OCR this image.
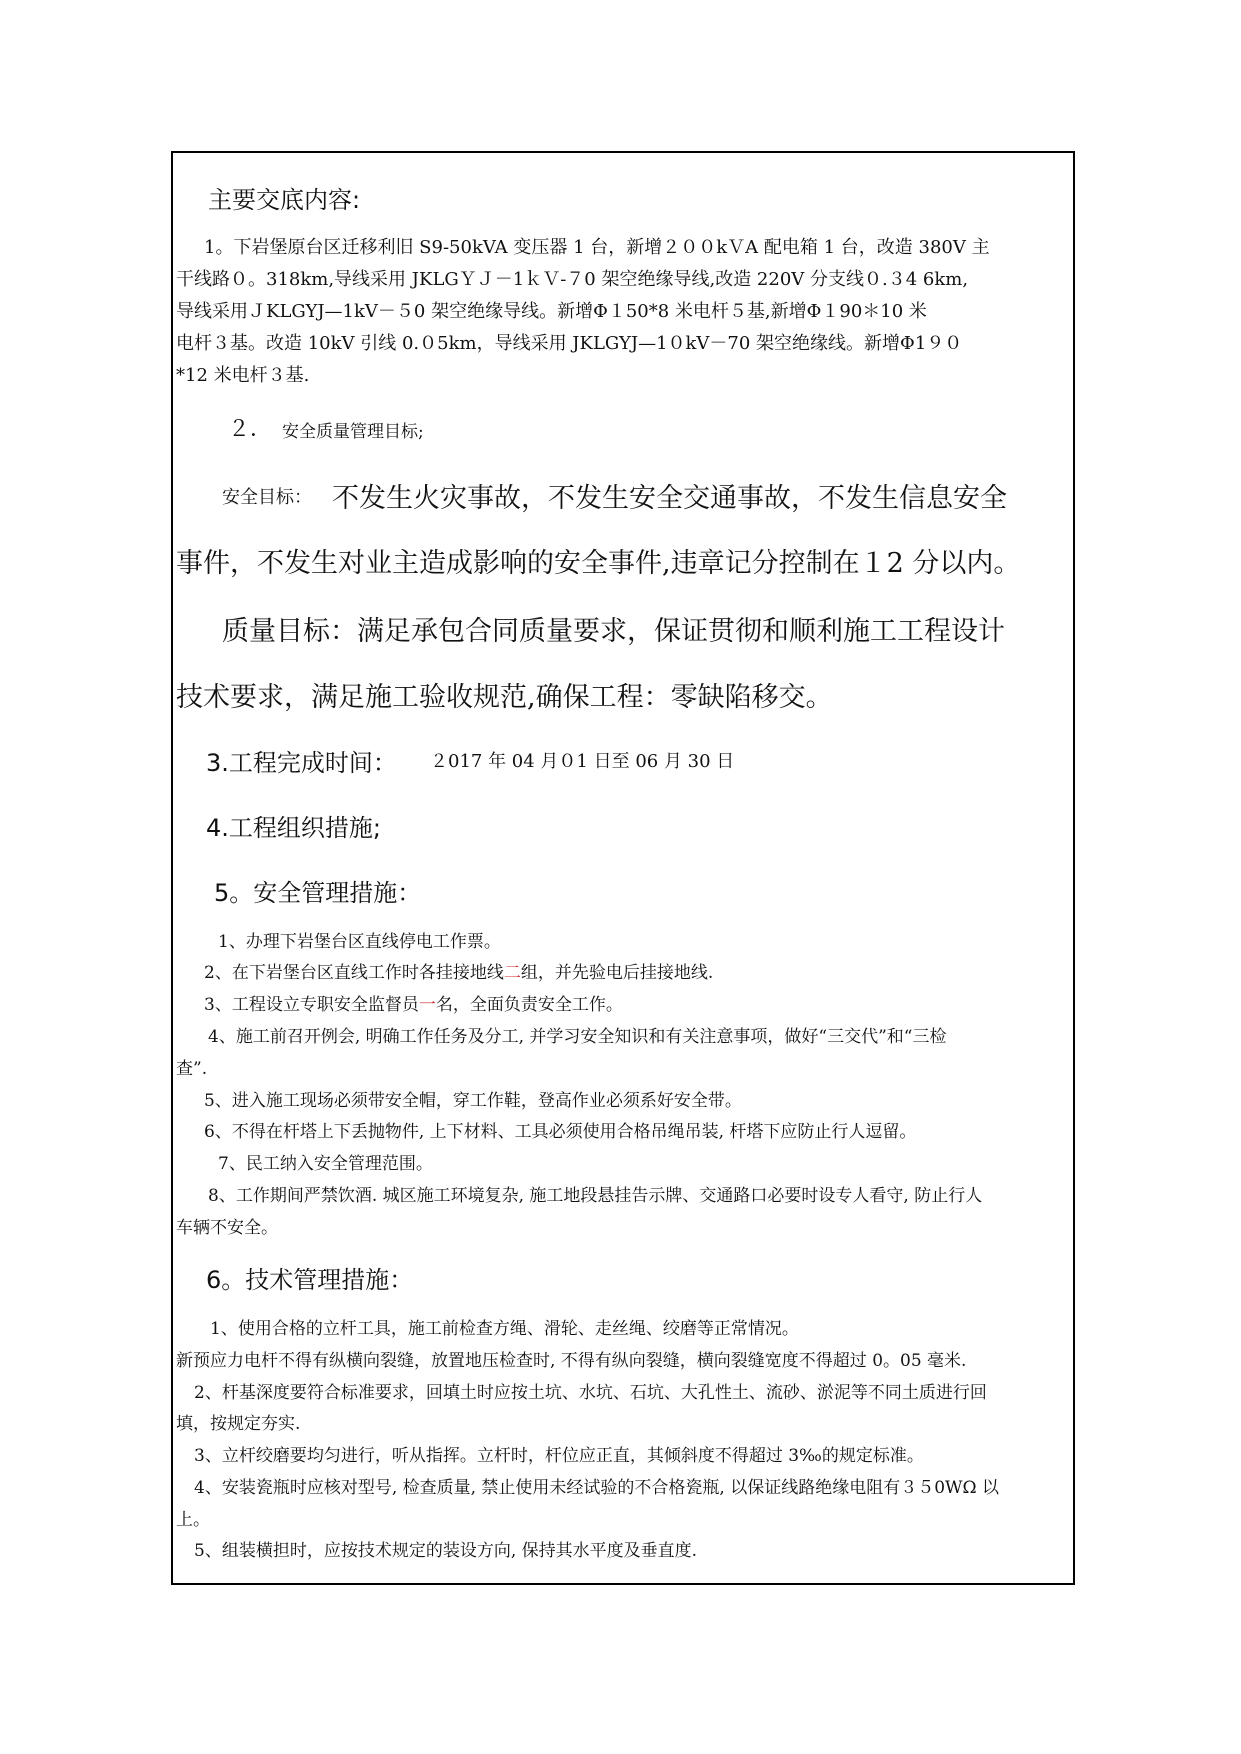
主要交底内容:
1。下岩堡原台区迁移利旧 S9-50kVA 变压器 1 台，新增２００kＶA 配电箱 1 台，改造 380V 主
干线路０。318km,导线采用 JKLGＹＪ－1ｋＶ-７0 架空绝缘导线,改造 220V 分支线０.３4 6km,
导线采用ＪKLGYJ—1kV－５0 架空绝缘导线。新增Φ１50*8 米电杆５基,新增Φ１90＊10 米
电杆３基。改造 10kV 引线 0.０5km，导线采用 JKLGYJ—1０kV－70 架空绝缘线。新增Φ1９０
*12 米电杆３基.
２． 安全质量管理目标;
安全目标： 不发生火灾事故，不发生安全交通事故，不发生信息安全
事件，不发生对业主造成影响的安全事件,违章记分控制在１2 分以内。
质量目标：满足承包合同质量要求，保证贯彻和顺利施工工程设计
技术要求，满足施工验收规范,确保工程：零缺陷移交。
3.工程完成时间： ２017 年 04 月０1 日至 06 月 30 日
4.工程组织措施;
5。安全管理措施：
1、办理下岩堡台区直线停电工作票。
2、在下岩堡台区直线工作时各挂接地线二组，并先验电后挂接地线.
3、工程设立专职安全监督员一名，全面负责安全工作。
4、施工前召开例会, 明确工作任务及分工, 并学习安全知识和有关注意事项，做好“三交代”和“三检
查”.
5、进入施工现场必须带安全帽，穿工作鞋，登高作业必须系好安全带。
6、不得在杆塔上下丢抛物件, 上下材料、工具必须使用合格吊绳吊装, 杆塔下应防止行人逗留。
7、民工纳入安全管理范围。
8、工作期间严禁饮酒. 城区施工环境复杂, 施工地段悬挂告示牌、交通路口必要时设专人看守, 防止行人
车辆不安全。
6。技术管理措施：
1、使用合格的立杆工具，施工前检查方绳、滑轮、走丝绳、绞磨等正常情况。
新预应力电杆不得有纵横向裂缝，放置地压检查时, 不得有纵向裂缝，横向裂缝宽度不得超过 0。05 毫米.
2、杆基深度要符合标准要求，回填土时应按土坑、水坑、石坑、大孔性土、流砂、淤泥等不同土质进行回
填，按规定夯实.
3、立杆绞磨要均匀进行，听从指挥。立杆时，杆位应正直，其倾斜度不得超过 3‰的规定标准。
4、安装瓷瓶时应核对型号, 检查质量, 禁止使用未经试验的不合格瓷瓶, 以保证线路绝缘电阻有３５0WΩ 以
上。
5、组装横担时，应按技术规定的装设方向, 保持其水平度及垂直度.
